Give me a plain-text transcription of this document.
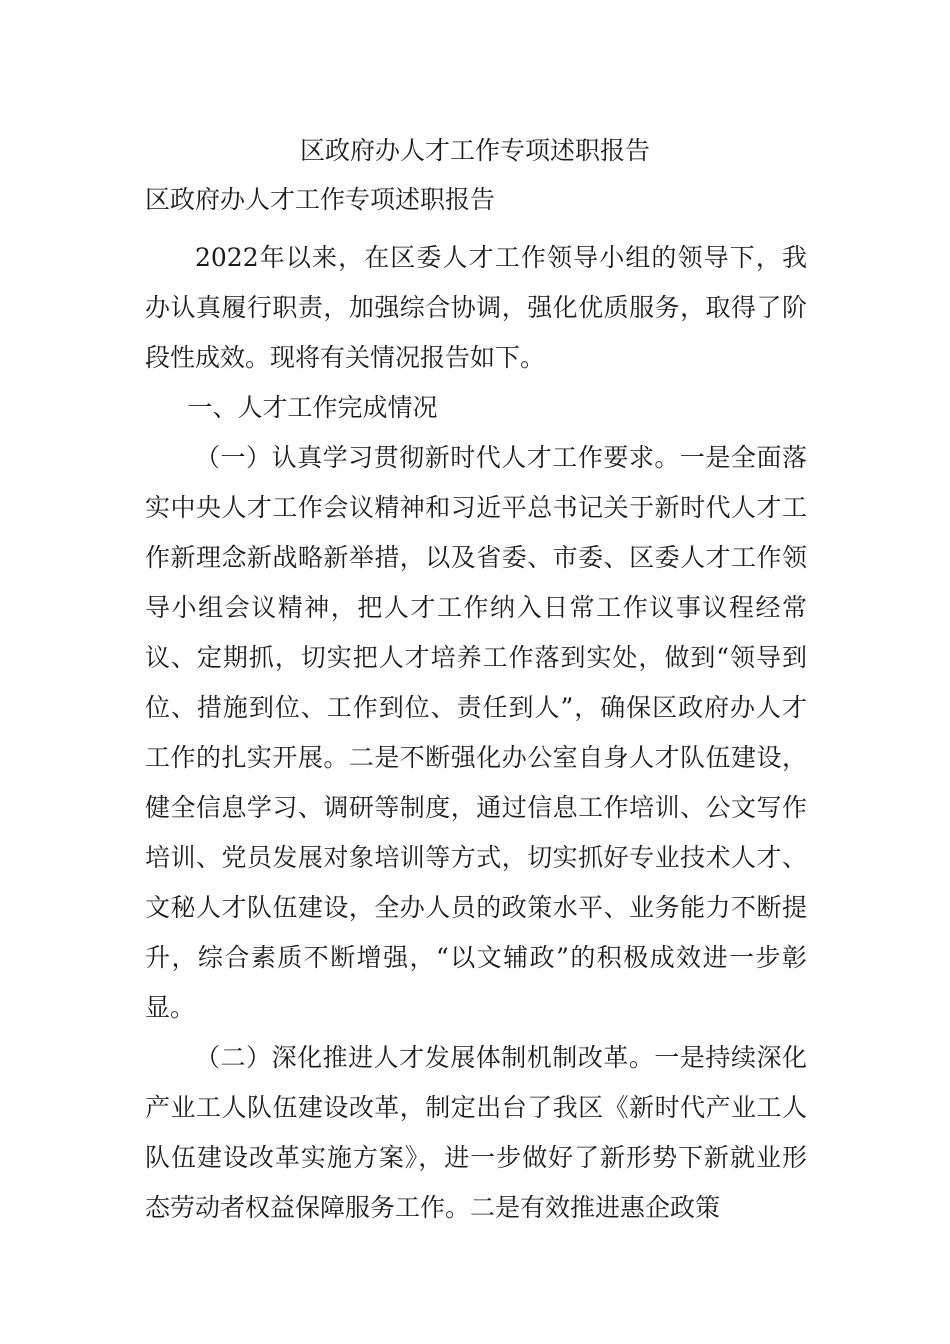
区政府办人才工作专项述职报告
区政府办人才工作专项述职报告

2022年以来，在区委人才工作领导小组的领导下，我办认真履行职责，加强综合协调，强化优质服务，取得了阶段性成效。现将有关情况报告如下。

一、人才工作完成情况

（一）认真学习贯彻新时代人才工作要求。一是全面落实中央人才工作会议精神和习近平总书记关于新时代人才工作新理念新战略新举措，以及省委、市委、区委人才工作领导小组会议精神，把人才工作纳入日常工作议事议程经常议、定期抓，切实把人才培养工作落到实处，做到“领导到位、措施到位、工作到位、责任到人”，确保区政府办人才工作的扎实开展。二是不断强化办公室自身人才队伍建设，健全信息学习、调研等制度，通过信息工作培训、公文写作培训、党员发展对象培训等方式，切实抓好专业技术人才、文秘人才队伍建设，全办人员的政策水平、业务能力不断提升，综合素质不断增强，“以文辅政”的积极成效进一步彰显。

（二）深化推进人才发展体制机制改革。一是持续深化产业工人队伍建设改革，制定出台了我区《新时代产业工人队伍建设改革实施方案》，进一步做好了新形势下新就业形态劳动者权益保障服务工作。二是有效推进惠企政策
